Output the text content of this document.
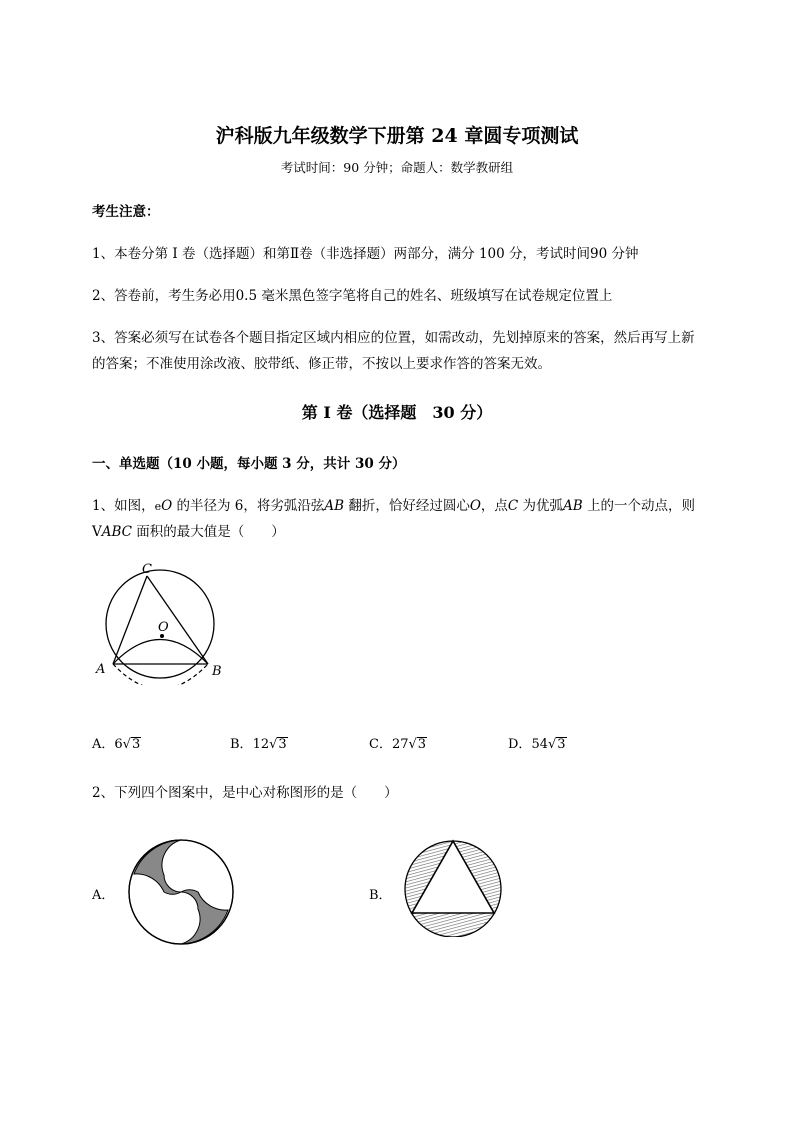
沪科版九年级数学下册第 24 章圆专项测试
考试时间：90 分钟；命题人：数学教研组
考生注意：
1、本卷分第 I 卷（选择题）和第Ⅱ卷（非选择题）两部分，满分 100 分，考试时间90 分钟
2、答卷前，考生务必用0.5 毫米黑色签字笔将自己的姓名、班级填写在试卷规定位置上
3、答案必须写在试卷各个题目指定区域内相应的位置，如需改动，先划掉原来的答案，然后再写上新
的答案；不准使用涂改液、胶带纸、修正带，不按以上要求作答的答案无效。
第 I 卷（选择题　30 分）
一、单选题（10 小题，每小题 3 分，共计 30 分）
1、如图，eO 的半径为 6，将劣弧沿弦AB 翻折，恰好经过圆心O，点C 为优弧AB 上的一个动点，则
VABC 面积的最大值是（　　）
C
O
A	B
A．6√3	B．12√3	C．27√3	D．54√3
2、下列四个图案中，是中心对称图形的是（　　）
A．	B．
